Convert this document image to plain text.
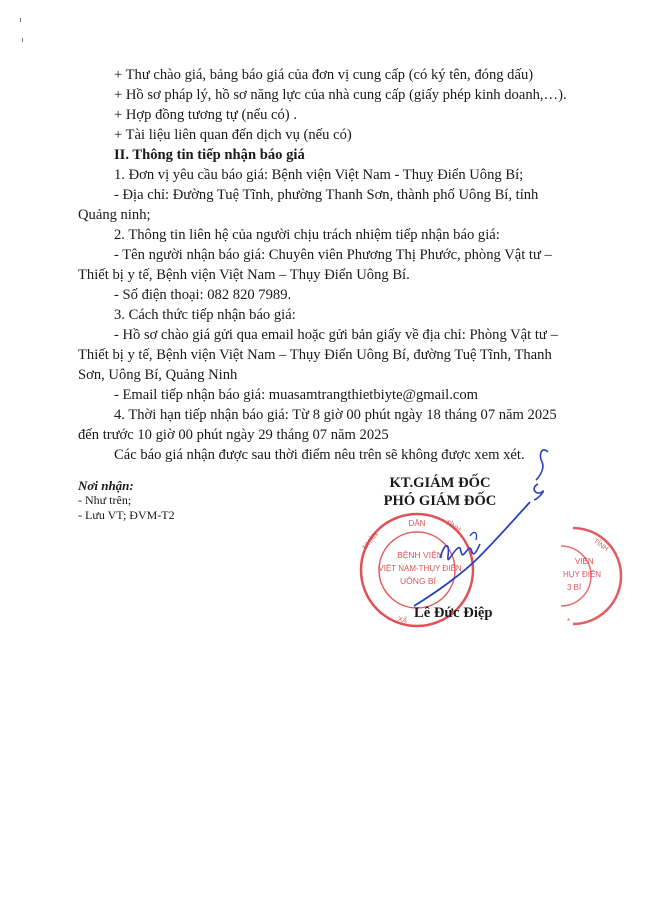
+ Thư chào giá, bảng báo giá của đơn vị cung cấp (có ký tên, đóng dấu)
+ Hồ sơ pháp lý, hồ sơ năng lực của nhà cung cấp (giấy phép kinh doanh,…).
+ Hợp đồng tương tự (nếu có) .
+ Tài liệu liên quan đến dịch vụ (nếu có)
II. Thông tin tiếp nhận báo giá
1. Đơn vị yêu cầu báo giá: Bệnh viện Việt Nam - Thuỵ Điển Uông Bí;
- Địa chỉ: Đường Tuệ Tĩnh, phường Thanh Sơn, thành phố Uông Bí, tỉnh
Quảng ninh;
2. Thông tin liên hệ của người chịu trách nhiệm tiếp nhận báo giá:
- Tên người nhận báo giá: Chuyên viên Phương Thị Phước, phòng Vật tư –
Thiết bị y tế, Bệnh viện Việt Nam – Thụy Điển Uông Bí.
- Số điện thoại: 082 820 7989.
3. Cách thức tiếp nhận báo giá:
- Hồ sơ chào giá gửi qua email hoặc gửi bản giấy về địa chỉ: Phòng Vật tư –
Thiết bị y tế, Bệnh viện Việt Nam – Thụy Điển Uông Bí, đường Tuệ Tĩnh, Thanh
Sơn, Uông Bí, Quảng Ninh
- Email tiếp nhận báo giá: muasamtrangthietbiyte@gmail.com
4. Thời hạn tiếp nhận báo giá: Từ 8 giờ 00 phút ngày 18 tháng 07 năm 2025
đến trước 10 giờ 00 phút ngày 29 tháng 07 năm 2025
Các báo giá nhận được sau thời điểm nêu trên sẽ không được xem xét.
Nơi nhận:
- Như trên;
- Lưu VT; ĐVM-T2
KT.GIÁM ĐỐC
PHÓ GIÁM ĐỐC
DÂN	TỈNH
NHÂN
XÃ
BỆNH VIỆN
VIỆT NAM-THỤY ĐIỂN
UÔNG BÍ
TỈNH
VIỆN
HỤY ĐIỂN
3 BÍ
*
Lê Đức Điệp
